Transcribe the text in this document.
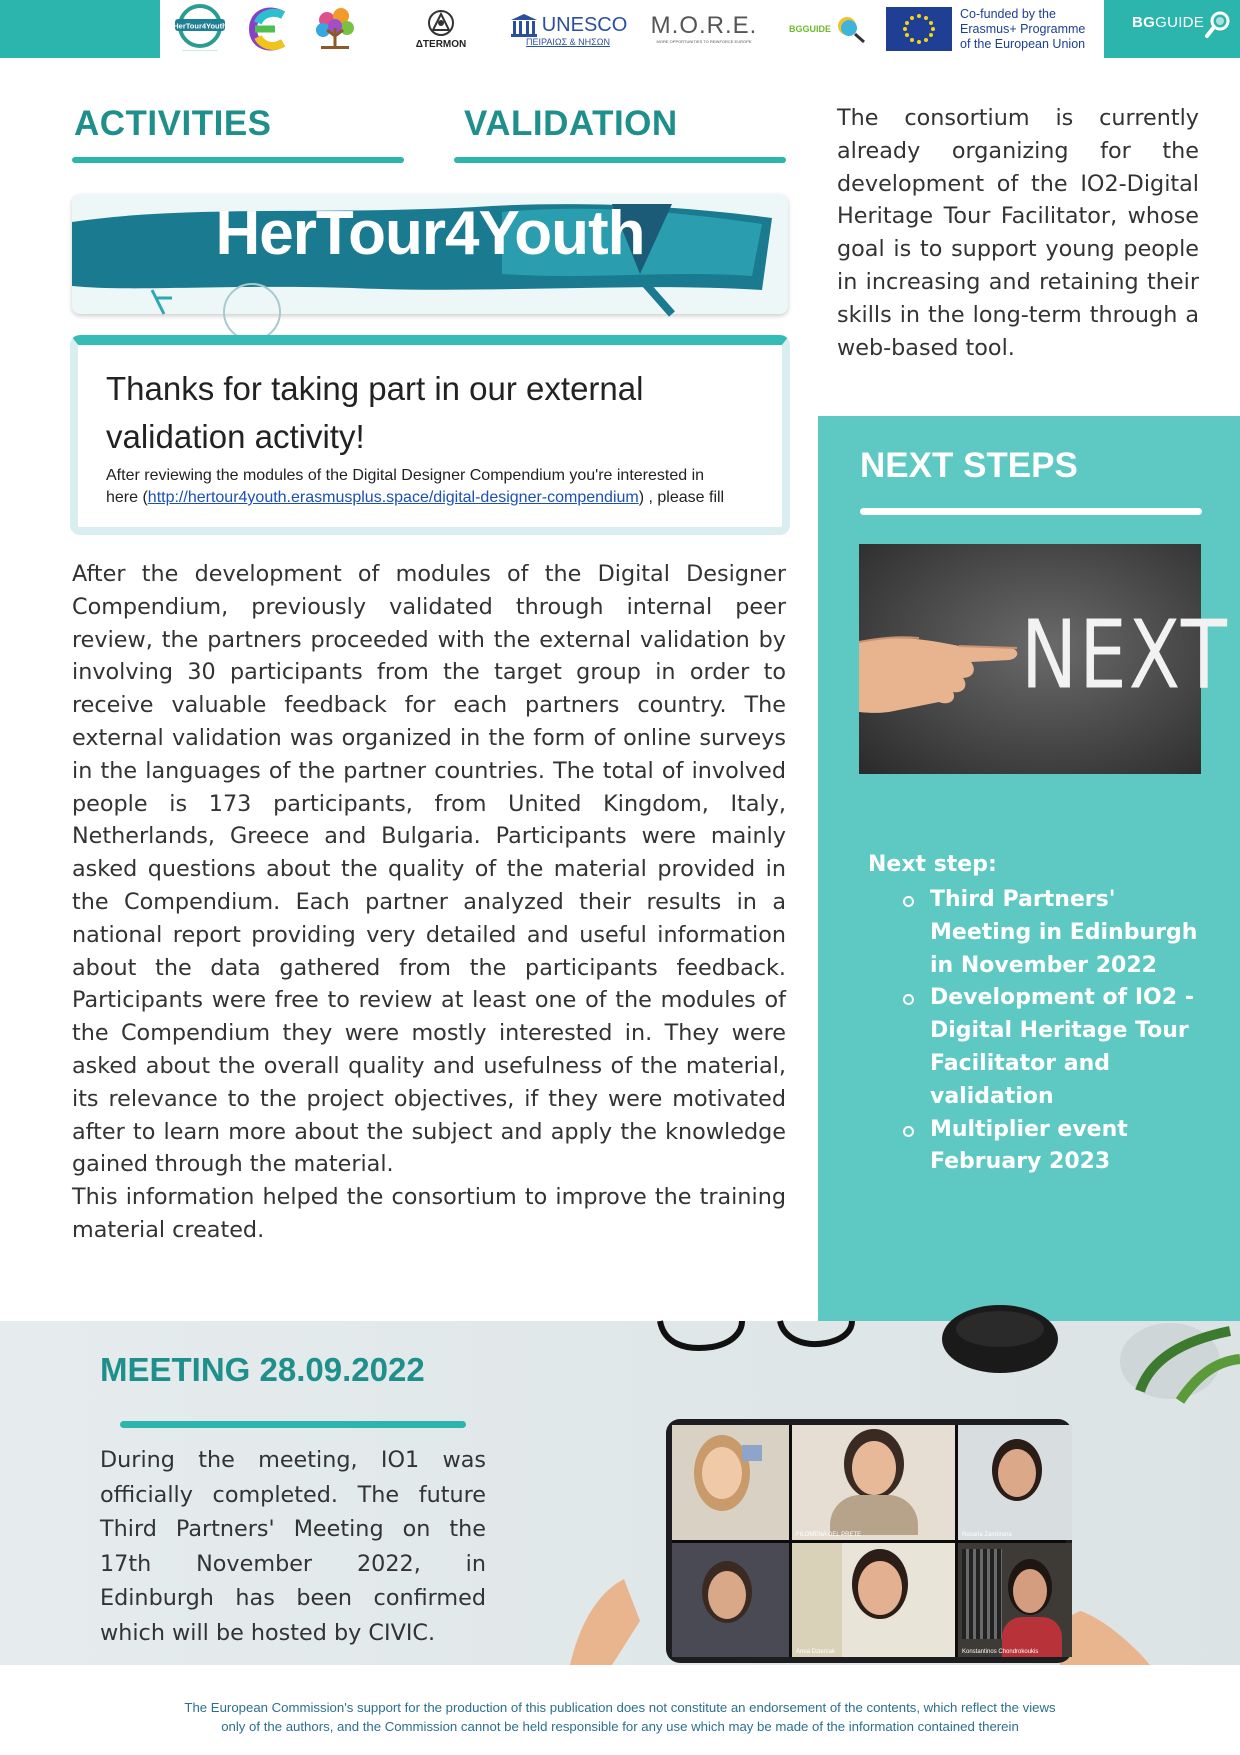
HerTour4Youth
~~~~~~~~~~~~~~~
ΔTERMON
UNESCO
ΠΕΙΡΑΙΩΣ & ΝΗΣΩΝ
M.O.R.E.
MORE OPPORTUNITIES TO REINFORCE EUROPE
BGGUIDE
Co-funded by the
Erasmus+ Programme
of the European Union
BGGUIDE
ACTIVITIES	VALIDATION
HerTour4Youth
Thanks for taking part in our external validation activity!
After reviewing the modules of the Digital Designer Compendium you're interested in
here (http://hertour4youth.erasmusplus.space/digital-designer-compendium) , please fill
After the development of modules of the Digital Designer Compendium, previously validated through internal peer review, the partners proceeded with the external validation by involving 30 participants from the target group in order to receive valuable feedback for each partners country. The external validation was organized in the form of online surveys in the languages of the partner countries. The total of involved people is 173 participants, from United Kingdom, Italy, Netherlands, Greece and Bulgaria. Participants were mainly asked questions about the quality of the material provided in the Compendium. Each partner analyzed their results in a national report providing very detailed and useful information about the data gathered from the participants feedback. Participants were free to review at least one of the modules of the Compendium they were mostly interested in. They were asked about the overall quality and usefulness of the material, its relevance to the project objectives, if they were motivated after to learn more about the subject and apply the knowledge gained through the material.
This information helped the consortium to improve the training material created.
The consortium is currently already organizing for the development of the IO2-Digital Heritage Tour Facilitator, whose goal is to support young people in increasing and retaining their skills in the long-term through a web-based tool.
NEXT STEPS
NEXT
Next step:
Third Partners' Meeting in Edinburgh in November 2022
Development of IO2 - Digital Heritage Tour Facilitator and validation
Multiplier event February 2023
MEETING 28.09.2022
During the meeting, IO1 was officially completed. The future Third Partners' Meeting on the 17th November 2022, in Edinburgh has been confirmed which will be hosted by CIVIC.
FILOMENA DEL PRETE	Rosaria Zambrana
Anna Dzierzak	Konstantinos Chondrokoukis
The European Commission's support for the production of this publication does not constitute an endorsement of the contents, which reflect the views
only of the authors, and the Commission cannot be held responsible for any use which may be made of the information contained therein
